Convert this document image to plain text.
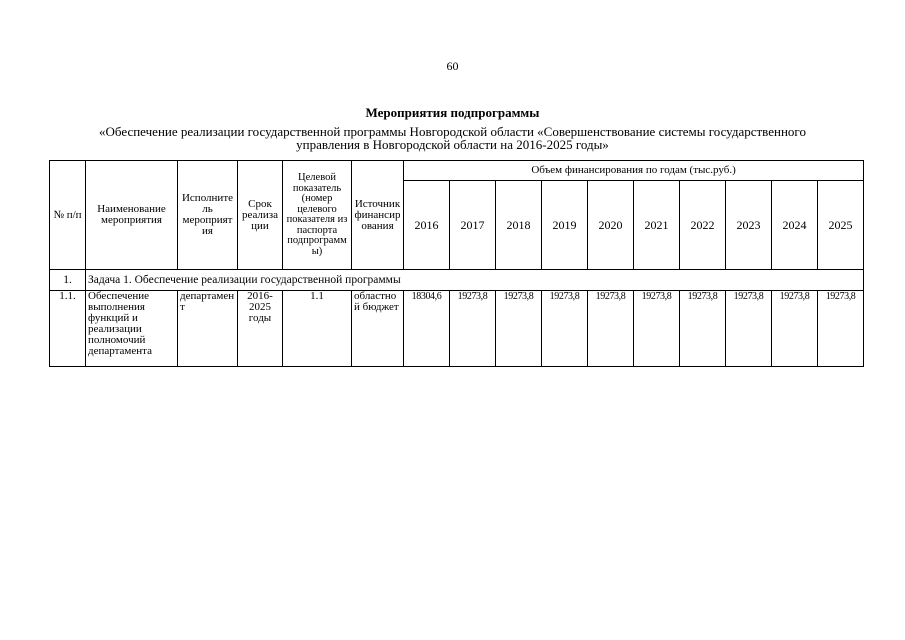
60
Мероприятия подпрограммы
«Обеспечение реализации государственной программы Новгородской области «Совершенствование системы государственного управления в Новгородской области на 2016-2025 годы»
№ п/п	Наименование мероприятия	Исполнитель мероприятия	Срок реализации	Целевой показатель (номер целевого показателя из паспорта подпрограммы)	Источник финансирования	Объем финансирования по годам (тыс.руб.)									
						2016	2017	2018	2019	2020	2021	2022	2023	2024	2025
1.	Задача 1. Обеспечение реализации государственной программы														
1.1.	Обеспечение выполнения функций и реализации полномочий департамента	департамент	2016-2025 годы	1.1	областной бюджет	18304,6	19273,8	19273,8	19273,8	19273,8	19273,8	19273,8	19273,8	19273,8	19273,8
